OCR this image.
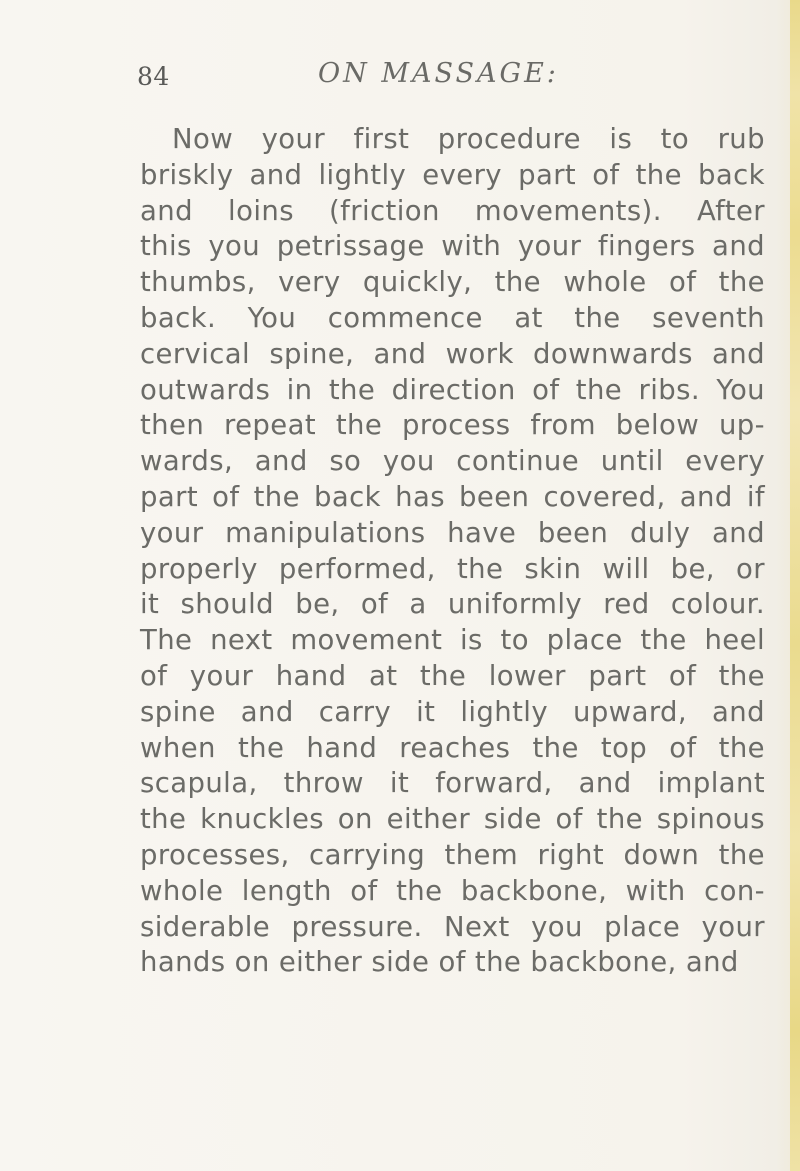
84	ON MASSAGE:
Now your first procedure is to rub
briskly and lightly every part of the back
and loins (friction movements). After
this you petrissage with your fingers and
thumbs, very quickly, the whole of the
back. You commence at the seventh
cervical spine, and work downwards and
outwards in the direction of the ribs. You
then repeat the process from below up-
wards, and so you continue until every
part of the back has been covered, and if
your manipulations have been duly and
properly performed, the skin will be, or
it should be, of a uniformly red colour.
The next movement is to place the heel
of your hand at the lower part of the
spine and carry it lightly upward, and
when the hand reaches the top of the
scapula, throw it forward, and implant
the knuckles on either side of the spinous
processes, carrying them right down the
whole length of the backbone, with con-
siderable pressure. Next you place your
hands on either side of the backbone, and
